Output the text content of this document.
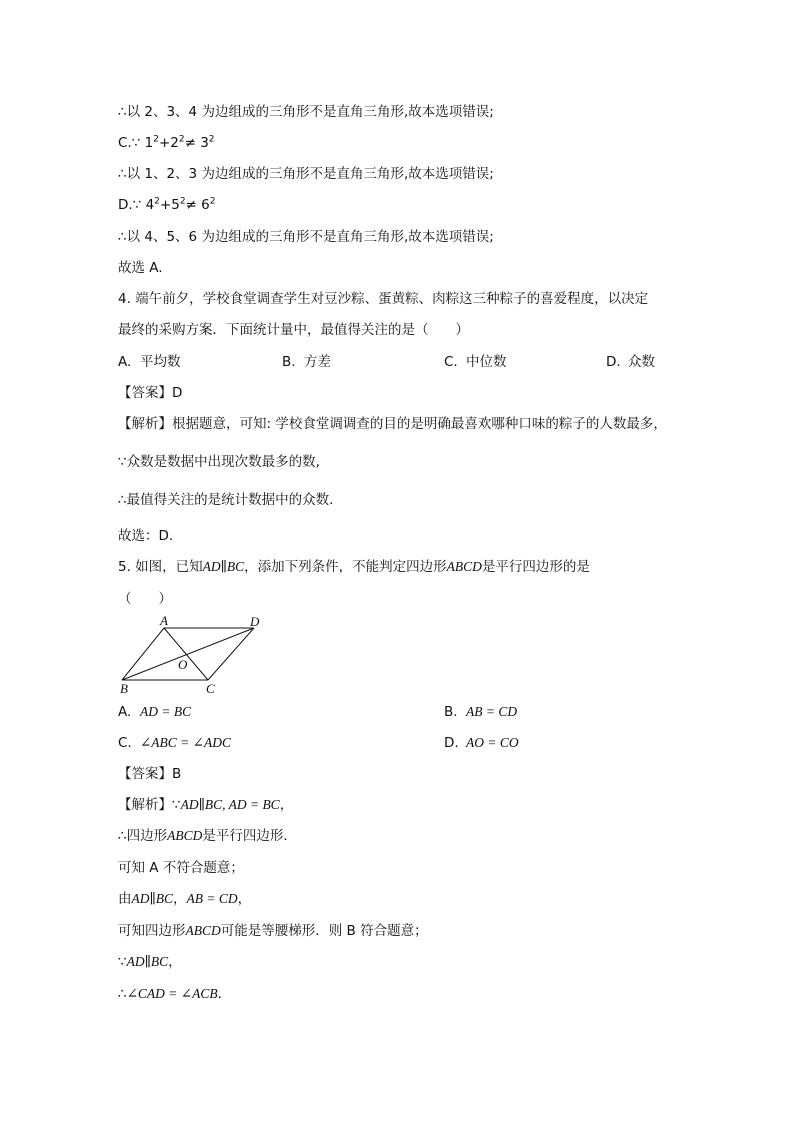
∴以 2、3、4 为边组成的三角形不是直角三角形,故本选项错误;
C.∵ $1^2+2^2\ne 3^2$
∴以 1、2、3 为边组成的三角形不是直角三角形,故本选项错误;
D.∵ $4^2+5^2\ne 6^2$
∴以 4、5、6 为边组成的三角形不是直角三角形,故本选项错误;
故选 A.
4. 端午前夕，学校食堂调查学生对豆沙粽、蛋黄粽、肉粽这三种粽子的喜爱程度，以决定
最终的采购方案．下面统计量中，最值得关注的是（　　）
A. 平均数	B. 方差	C. 中位数	D. 众数
【答案】D
【解析】根据题意，可知: 学校食堂调调查的目的是明确最喜欢哪种口味的粽子的人数最多，
∵众数是数据中出现次数最多的数,
∴最值得关注的是统计数据中的众数.
故选：D．
5. 如图，已知AD∥BC，添加下列条件，不能判定四边形ABCD是平行四边形的是
（　　）
A	D
O
B	C
A. AD = BC	B. AB = CD
C. ∠ABC = ∠ADC	D. AO = CO
【答案】B
【解析】∵AD∥BC, AD = BC，
∴四边形ABCD是平行四边形．
可知 A 不符合题意；
由AD∥BC，AB = CD，
可知四边形ABCD可能是等腰梯形．则 B 符合题意；
∵AD∥BC，
∴∠CAD = ∠ACB．
